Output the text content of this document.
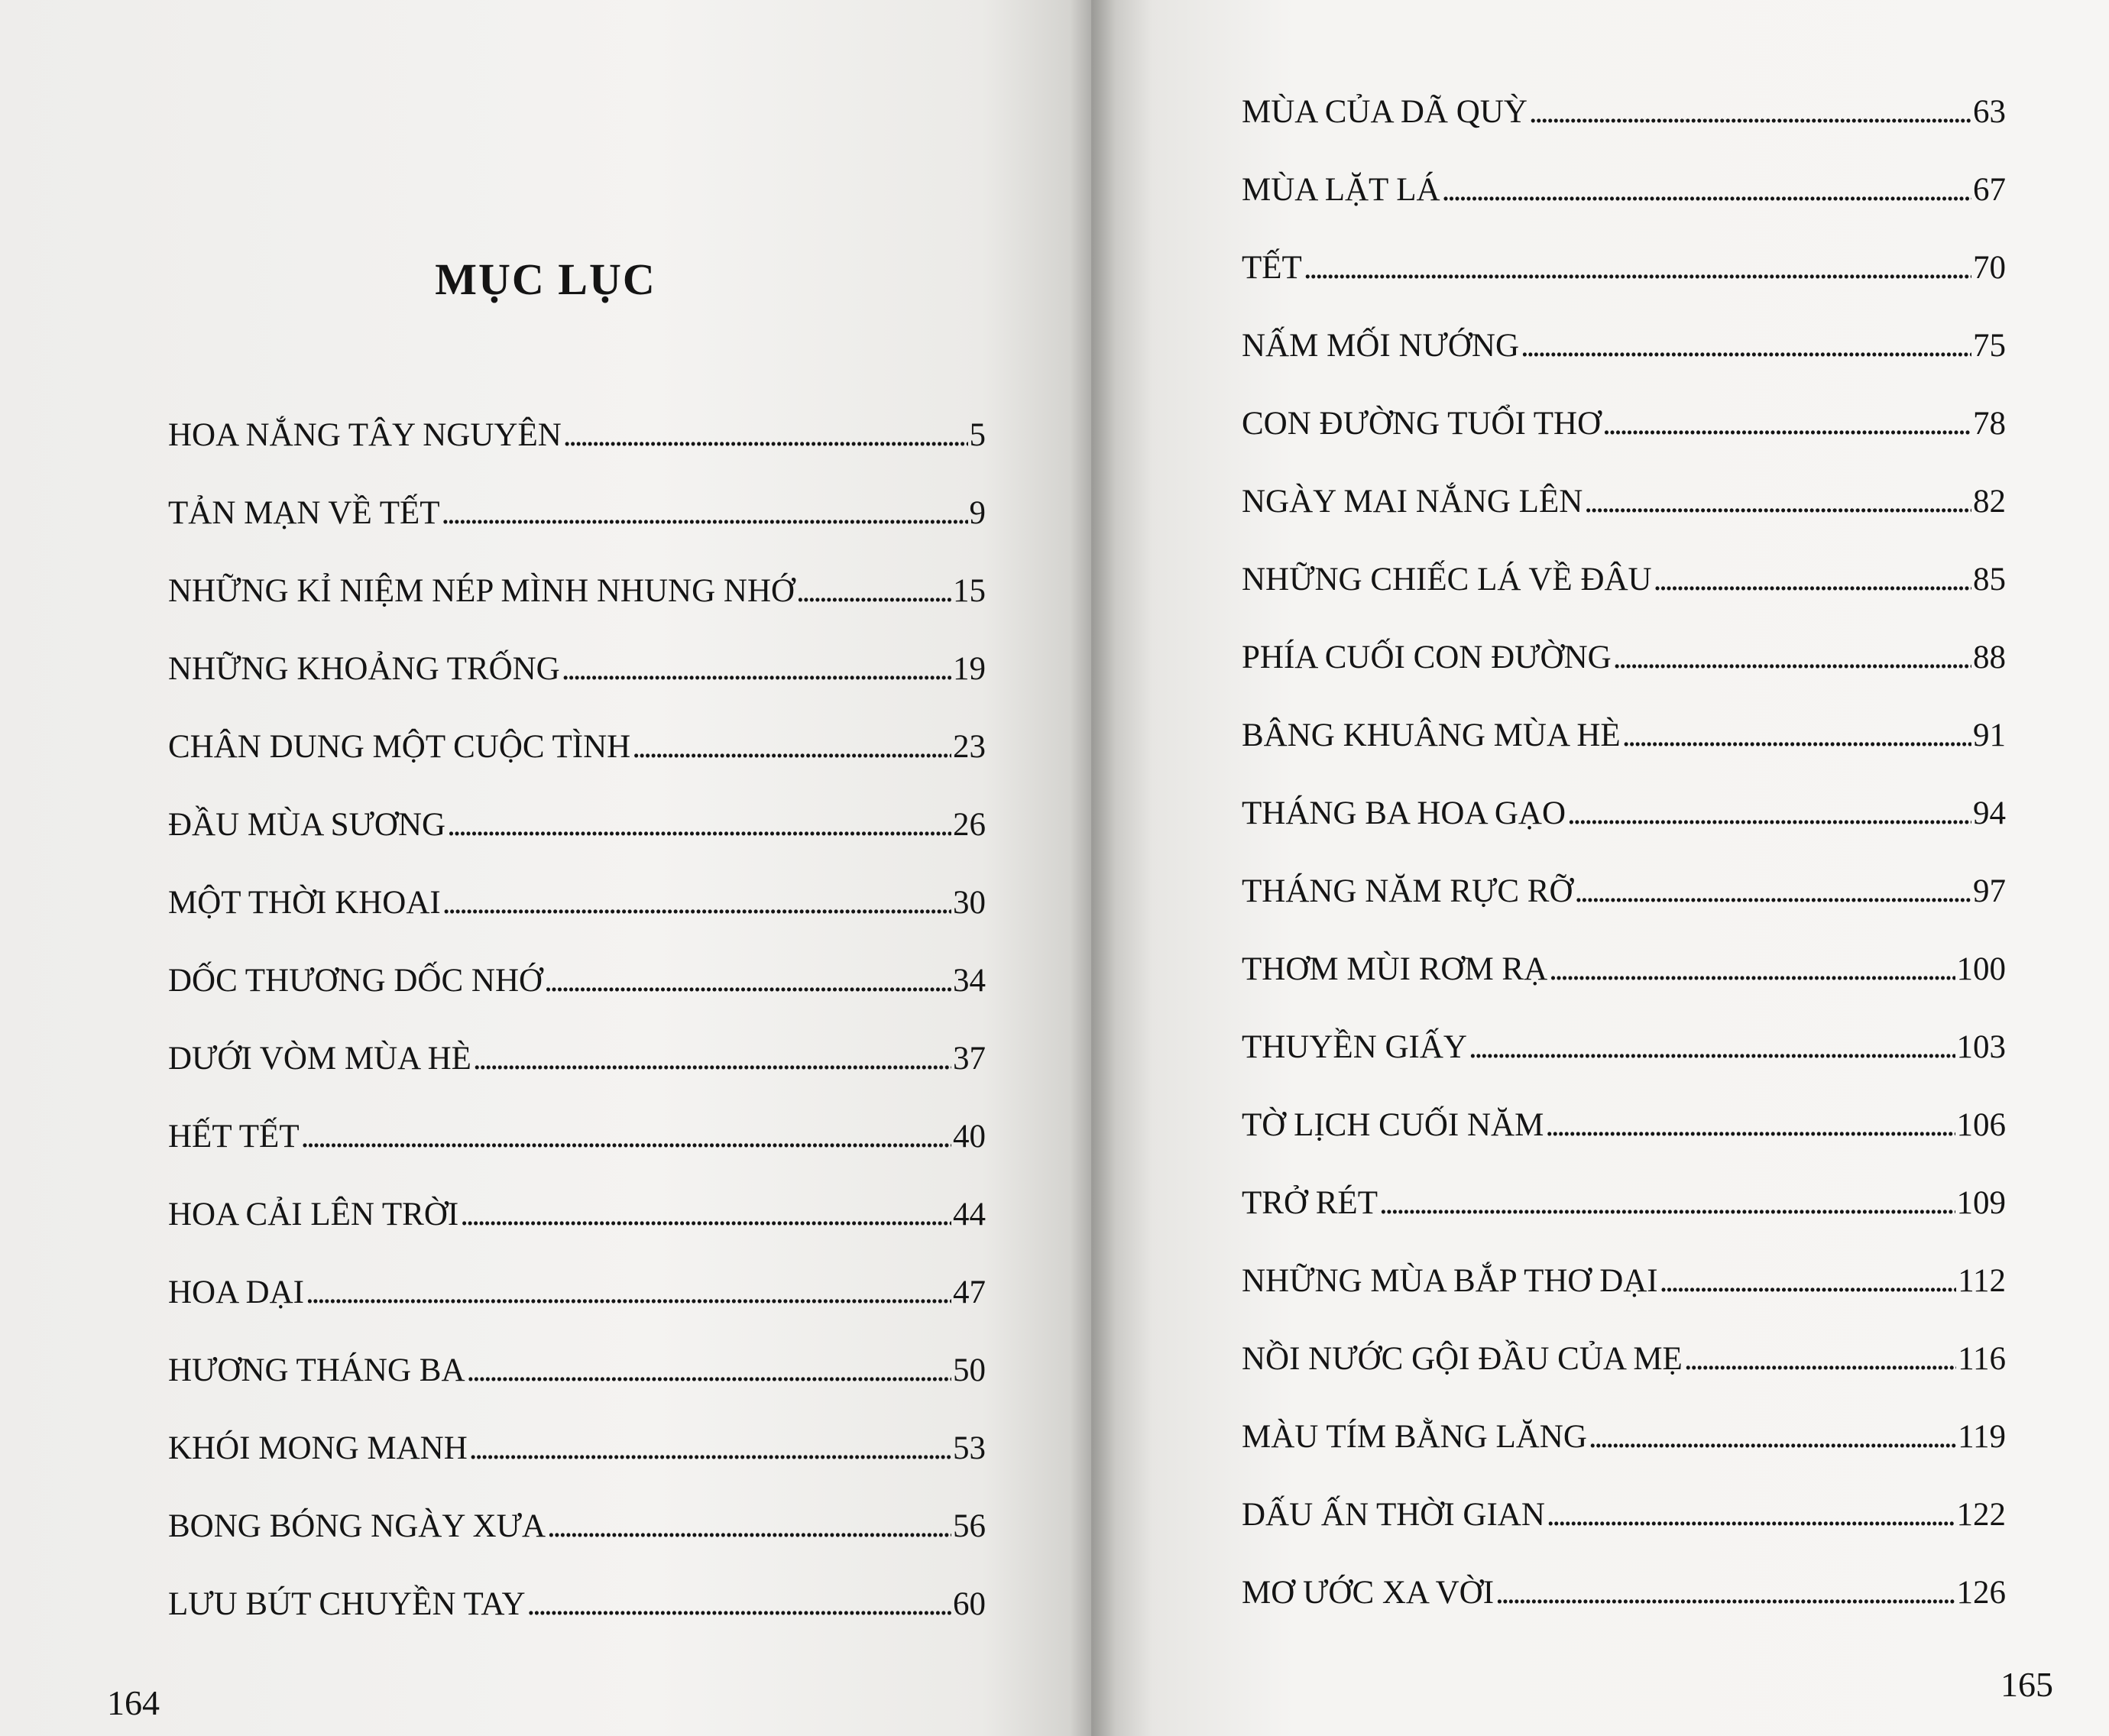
MỤC LỤC
HOA NẮNG TÂY NGUYÊN . . .	5
TẢN MẠN VỀ TẾT . . .	9
NHỮNG KỈ NIỆM NÉP MÌNH NHUNG NHỚ . . .	15
NHỮNG KHOẢNG TRỐNG . . .	19
CHÂN DUNG MỘT CUỘC TÌNH . . .	23
ĐẦU MÙA SƯƠNG . . .	26
MỘT THỜI KHOAI . . .	30
DỐC THƯƠNG DỐC NHỚ . . .	34
DƯỚI VÒM MÙA HÈ . . .	37
HẾT TẾT . . .	40
HOA CẢI LÊN TRỜI . . .	44
HOA DẠI . . .	47
HƯƠNG THÁNG BA . . .	50
KHÓI MONG MANH . . .	53
BONG BÓNG NGÀY XƯA . . .	56
LƯU BÚT CHUYỀN TAY . . .	60
164
MÙA CỦA DÃ QUỲ . . .	63
MÙA LẶT LÁ . . .	67
TẾT . . .	70
NẤM MỐI NƯỚNG . . .	75
CON ĐƯỜNG TUỔI THƠ . . .	78
NGÀY MAI NẮNG LÊN . . .	82
NHỮNG CHIẾC LÁ VỀ ĐÂU . . .	85
PHÍA CUỐI CON ĐƯỜNG . . .	88
BÂNG KHUÂNG MÙA HÈ . . .	91
THÁNG BA HOA GẠO . . .	94
THÁNG NĂM RỰC RỠ . . .	97
THƠM MÙI RƠM RẠ . . .	100
THUYỀN GIẤY . . .	103
TỜ LỊCH CUỐI NĂM . . .	106
TRỞ RÉT . . .	109
NHỮNG MÙA BẮP THƠ DẠI . . .	112
NỒI NƯỚC GỘI ĐẦU CỦA MẸ . . .	116
MÀU TÍM BẰNG LĂNG . . .	119
DẤU ẤN THỜI GIAN . . .	122
MƠ ƯỚC XA VỜI . . .	126
165
